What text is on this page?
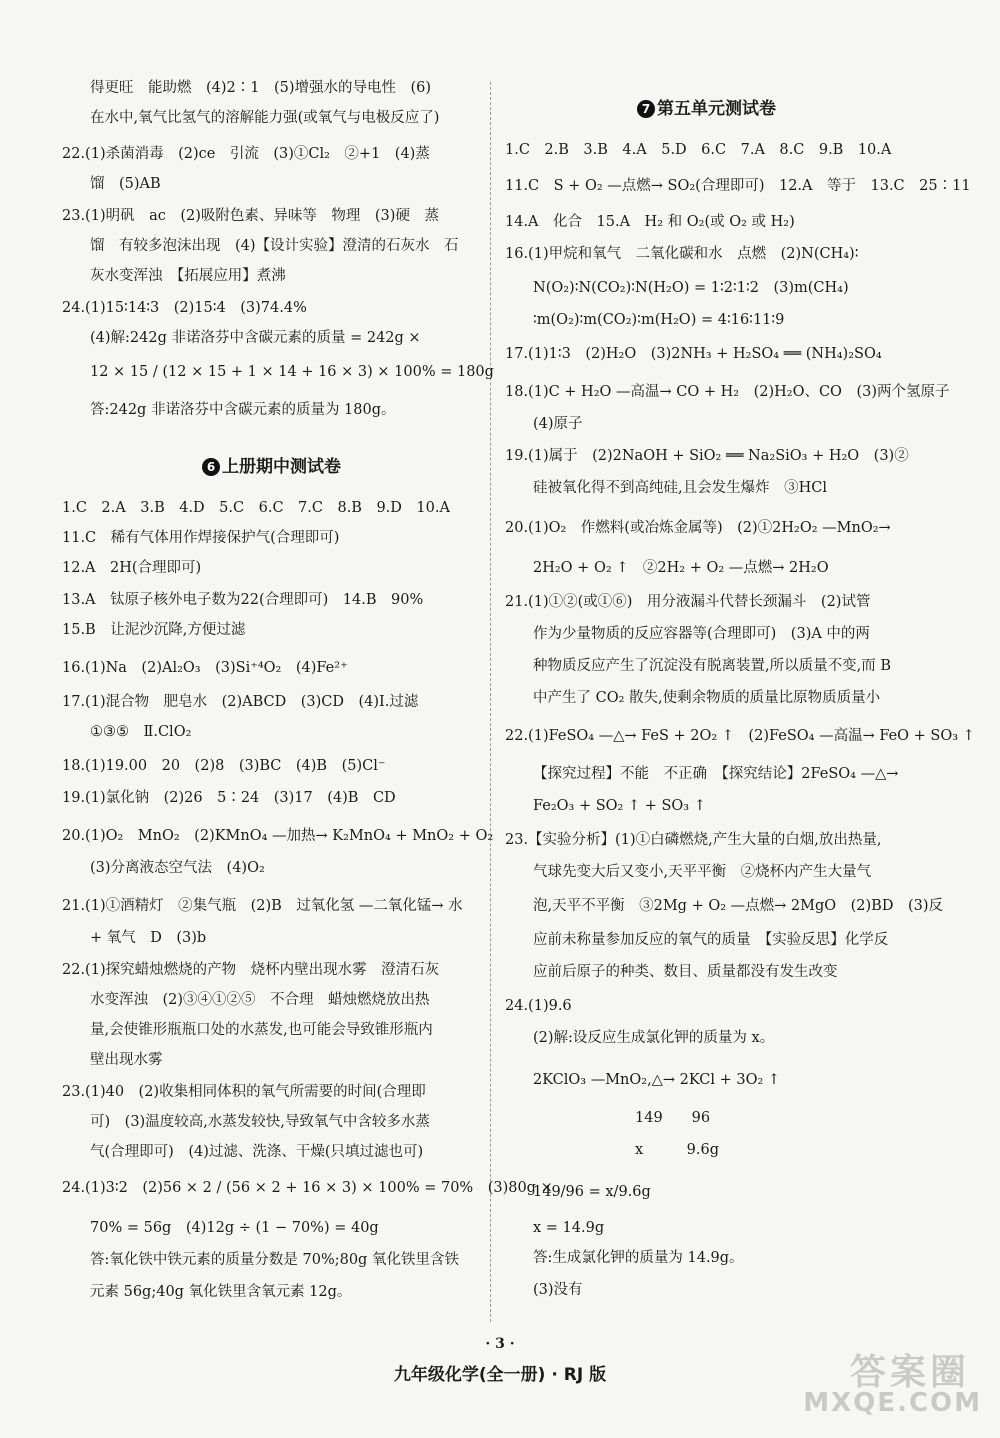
6 上册期中测试卷
得更旺　能助燃　(4)2∶1　(5)增强水的导电性　(6)
在水中,氧气比氢气的溶解能力强(或氧气与电极反应了)
22.(1)杀菌消毒　(2)ce　引流　(3)①Cl₂　②+1　(4)蒸
馏　(5)AB
23.(1)明矾　ac　(2)吸附色素、异味等　物理　(3)硬　蒸
馏　有较多泡沫出现　(4)【设计实验】澄清的石灰水　石
灰水变浑浊　【拓展应用】煮沸
24.(1)15∶14∶3　(2)15∶4　(3)74.4%
(4)解:242g 非诺洛芬中含碳元素的质量 = 242g ×
12 × 15 / (12 × 15 + 1 × 14 + 16 × 3) × 100% = 180g
答:242g 非诺洛芬中含碳元素的质量为 180g。
1.C　2.A　3.B　4.D　5.C　6.C　7.C　8.B　9.D　10.A
11.C　稀有气体用作焊接保护气(合理即可)
12.A　2H(合理即可)
13.A　钛原子核外电子数为22(合理即可)　14.B　90%
15.B　让泥沙沉降,方便过滤
16.(1)Na　(2)Al₂O₃　(3)Si⁺⁴O₂　(4)Fe²⁺
17.(1)混合物　肥皂水　(2)ABCD　(3)CD　(4)Ⅰ.过滤
①③⑤　Ⅱ.ClO₂
18.(1)19.00　20　(2)8　(3)BC　(4)B　(5)Cl⁻
19.(1)氯化钠　(2)26　5∶24　(3)17　(4)B　CD
20.(1)O₂　MnO₂　(2)KMnO₄ —加热→ K₂MnO₄ + MnO₂ + O₂
(3)分离液态空气法　(4)O₂
21.(1)①酒精灯　②集气瓶　(2)B　过氧化氢 —二氧化锰→ 水
+ 氧气　D　(3)b
22.(1)探究蜡烛燃烧的产物　烧杯内壁出现水雾　澄清石灰
水变浑浊　(2)③④①②⑤　不合理　蜡烛燃烧放出热
量,会使锥形瓶瓶口处的水蒸发,也可能会导致锥形瓶内
壁出现水雾
23.(1)40　(2)收集相同体积的氧气所需要的时间(合理即
可)　(3)温度较高,水蒸发较快,导致氧气中含较多水蒸
气(合理即可)　(4)过滤、洗涤、干燥(只填过滤也可)
24.(1)3∶2　(2)56 × 2 / (56 × 2 + 16 × 3) × 100% = 70%　(3)80g ×
70% = 56g　(4)12g ÷ (1 − 70%) = 40g
答:氧化铁中铁元素的质量分数是 70%;80g 氧化铁里含铁
元素 56g;40g 氧化铁里含氧元素 12g。
7 第五单元测试卷
1.C　2.B　3.B　4.A　5.D　6.C　7.A　8.C　9.B　10.A
11.C　S + O₂ —点燃→ SO₂(合理即可)　12.A　等于　13.C　25∶11
14.A　化合　15.A　H₂ 和 O₂(或 O₂ 或 H₂)
16.(1)甲烷和氧气　二氧化碳和水　点燃　(2)N(CH₄)∶
N(O₂)∶N(CO₂)∶N(H₂O) = 1∶2∶1∶2　(3)m(CH₄)
∶m(O₂)∶m(CO₂)∶m(H₂O) = 4∶16∶11∶9
17.(1)1∶3　(2)H₂O　(3)2NH₃ + H₂SO₄ ══ (NH₄)₂SO₄
18.(1)C + H₂O —高温→ CO + H₂　(2)H₂O、CO　(3)两个氢原子
(4)原子
19.(1)属于　(2)2NaOH + SiO₂ ══ Na₂SiO₃ + H₂O　(3)②
硅被氧化得不到高纯硅,且会发生爆炸　③HCl
20.(1)O₂　作燃料(或冶炼金属等)　(2)①2H₂O₂ —MnO₂→
2H₂O + O₂ ↑　②2H₂ + O₂ —点燃→ 2H₂O
21.(1)①②(或①⑥)　用分液漏斗代替长颈漏斗　(2)试管
作为少量物质的反应容器等(合理即可)　(3)A 中的两
种物质反应产生了沉淀没有脱离装置,所以质量不变,而 B
中产生了 CO₂ 散失,使剩余物质的质量比原物质质量小
22.(1)FeSO₄ —△→ FeS + 2O₂ ↑　(2)FeSO₄ —高温→ FeO + SO₃ ↑
【探究过程】不能　不正确　【探究结论】2FeSO₄ —△→
Fe₂O₃ + SO₂ ↑ + SO₃ ↑
23.【实验分析】(1)①白磷燃烧,产生大量的白烟,放出热量,
气球先变大后又变小,天平平衡　②烧杯内产生大量气
泡,天平不平衡　③2Mg + O₂ —点燃→ 2MgO　(2)BD　(3)反
应前未称量参加反应的氧气的质量　【实验反思】化学反
应前后原子的种类、数目、质量都没有发生改变
24.(1)9.6
(2)解:设反应生成氯化钾的质量为 x。
2KClO₃ —MnO₂,△→ 2KCl + 3O₂ ↑
149　　96
x　　　9.6g
149/96 = x/9.6g
x = 14.9g
答:生成氯化钾的质量为 14.9g。
(3)没有
· 3 ·
九年级化学(全一册) · RJ 版	答案圈
MXQE.COM
